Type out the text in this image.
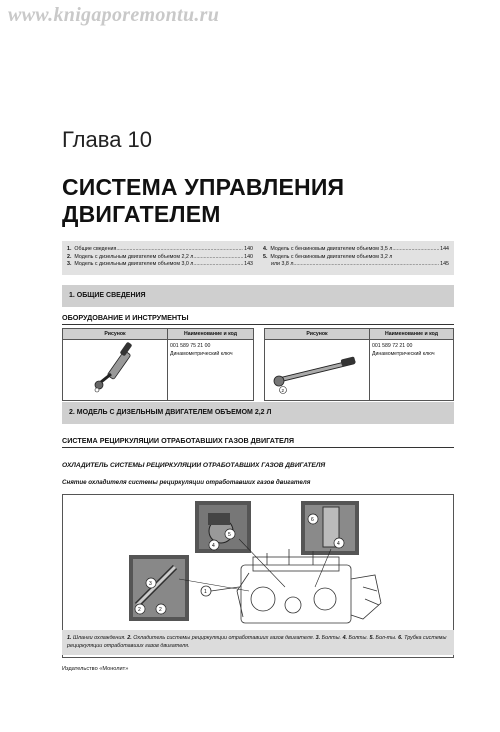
www.knigaporemontu.ru
Глава 10
СИСТЕМА УПРАВЛЕНИЯ
ДВИГАТЕЛЕМ
1. Общие сведения .....	140
2. Модель с дизельным двигателем объемом 2,2 л .....	140
3. Модель с дизельным двигателем объемом 3,0 л .....	143
4. Модель с бензиновым двигателем объемом 3,5 л .....	144
5. Модель с бензиновым двигателем объемом 3,2 л
или 3,8 л .....	145
1. ОБЩИЕ СВЕДЕНИЯ
ОБОРУДОВАНИЕ И ИНСТРУМЕНТЫ
Рисунок	Наименование и код

001 589 75 21 00
Динамометрический ключ
Рисунок	Наименование и код

2	001 589 72 21 00
Динамометрический ключ
2. МОДЕЛЬ С ДИЗЕЛЬНЫМ ДВИГАТЕЛЕМ ОБЪЕМОМ 2,2 Л
СИСТЕМА РЕЦИРКУЛЯЦИИ ОТРАБОТАВШИХ ГАЗОВ ДВИГАТЕЛЯ
ОХЛАДИТЕЛЬ СИСТЕМЫ РЕЦИРКУЛЯЦИИ ОТРАБОТАВШИХ ГАЗОВ ДВИГАТЕЛЯ
Снятие охладителя системы рециркуляции отработавших газов двигателя
5
4
6
4
3
2	2
1
1. Шланги охлаждения. 2. Охладитель системы рециркуляции отработавших газов двигателя. 3. Болты. 4. Болты. 5. Бол-ты. 6. Трубка системы рециркуляции отработавших газов двигателя.
Издательство «Монолит»
